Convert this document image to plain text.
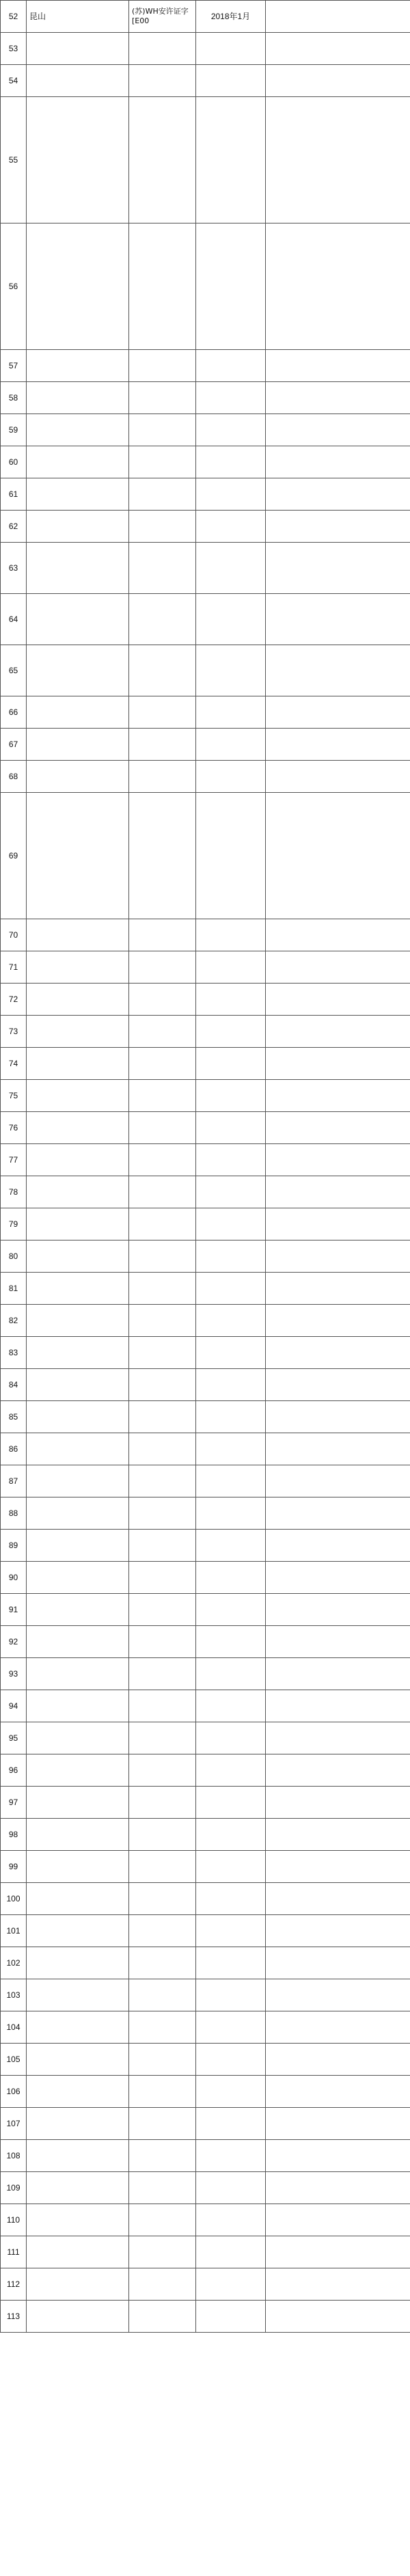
52	昆山	(苏)WH安许证字[E00	2018年1月	
53				
54				
55				
56				
57				
58				
59				
60				
61				
62				
63				
64				
65				
66				
67				
68				
69				
70				
71				
72				
73				
74				
75				
76				
77				
78				
79				
80				
81				
82				
83				
84				
85				
86				
87				
88				
89				
90				
91				
92				
93				
94				
95				
96				
97				
98				
99				
100				
101				
102				
103				
104				
105				
106				
107				
108				
109				
110				
111				
112				
113				
